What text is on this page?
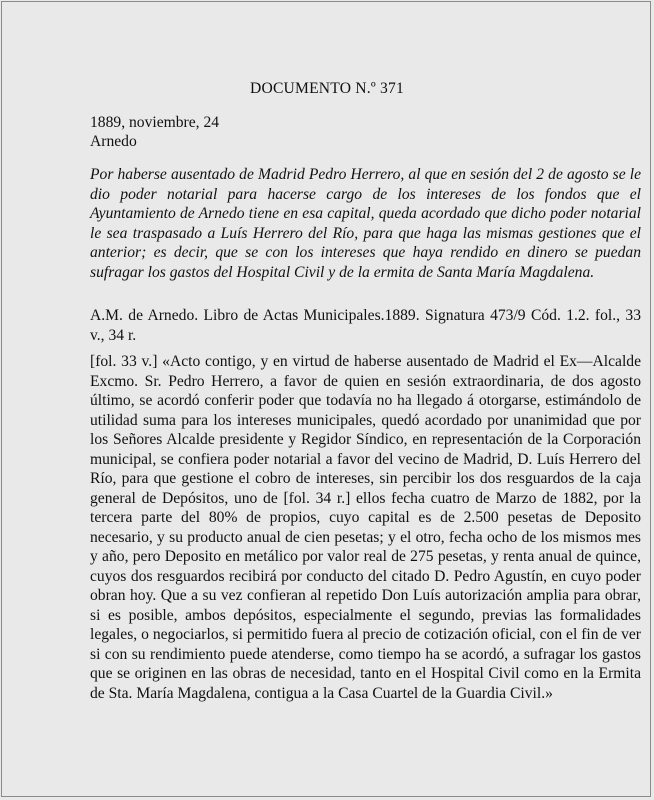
DOCUMENTO N.º 371

1889, noviembre, 24

Arnedo

Por haberse ausentado de Madrid Pedro Herrero, al que en sesión del 2 de agosto se le dio poder notarial para hacerse cargo de los intereses de los fondos que el Ayuntamiento de Arnedo tiene en esa capital, queda acordado que dicho poder notarial le sea traspasado a Luís Herrero del Río, para que haga las mismas gestiones que el anterior; es decir, que se con los intereses que haya rendido en dinero se puedan sufragar los gastos del Hospital Civil y de la ermita de Santa María Magdalena.

A.M. de Arnedo. Libro de Actas Municipales.1889. Signatura 473/9 Cód. 1.2. fol., 33 v., 34 r.

[fol. 33 v.] «Acto contigo, y en virtud de haberse ausentado de Madrid el Ex—Alcalde Excmo. Sr. Pedro Herrero, a favor de quien en sesión extraordinaria, de dos agosto último, se acordó conferir poder que todavía no ha llegado á otorgarse, estimándolo de utilidad suma para los intereses municipales, quedó acordado por unanimidad que por los Señores Alcalde presidente y Regidor Síndico, en representación de la Corporación municipal, se confiera poder notarial a favor del vecino de Madrid, D. Luís Herrero del Río, para que gestione el cobro de intereses, sin percibir los dos resguardos de la caja general de Depósitos, uno de [fol. 34 r.] ellos fecha cuatro de Marzo de 1882, por la tercera parte del 80% de propios, cuyo capital es de 2.500 pesetas de Deposito necesario, y su producto anual de cien pesetas; y el otro, fecha ocho de los mismos mes y año, pero Deposito en metálico por valor real de 275 pesetas, y renta anual de quince, cuyos dos resguardos recibirá por conducto del citado D. Pedro Agustín, en cuyo poder obran hoy. Que a su vez confieran al repetido Don Luís autorización amplia para obrar, si es posible, ambos depósitos, especialmente el segundo, previas las formalidades legales, o negociarlos, si permitido fuera al precio de cotización oficial, con el fin de ver si con su rendimiento puede atenderse, como tiempo ha se acordó, a sufragar los gastos que se originen en las obras de necesidad, tanto en el Hospital Civil como en la Ermita de Sta. María Magdalena, contigua a la Casa Cuartel de la Guardia Civil.»
